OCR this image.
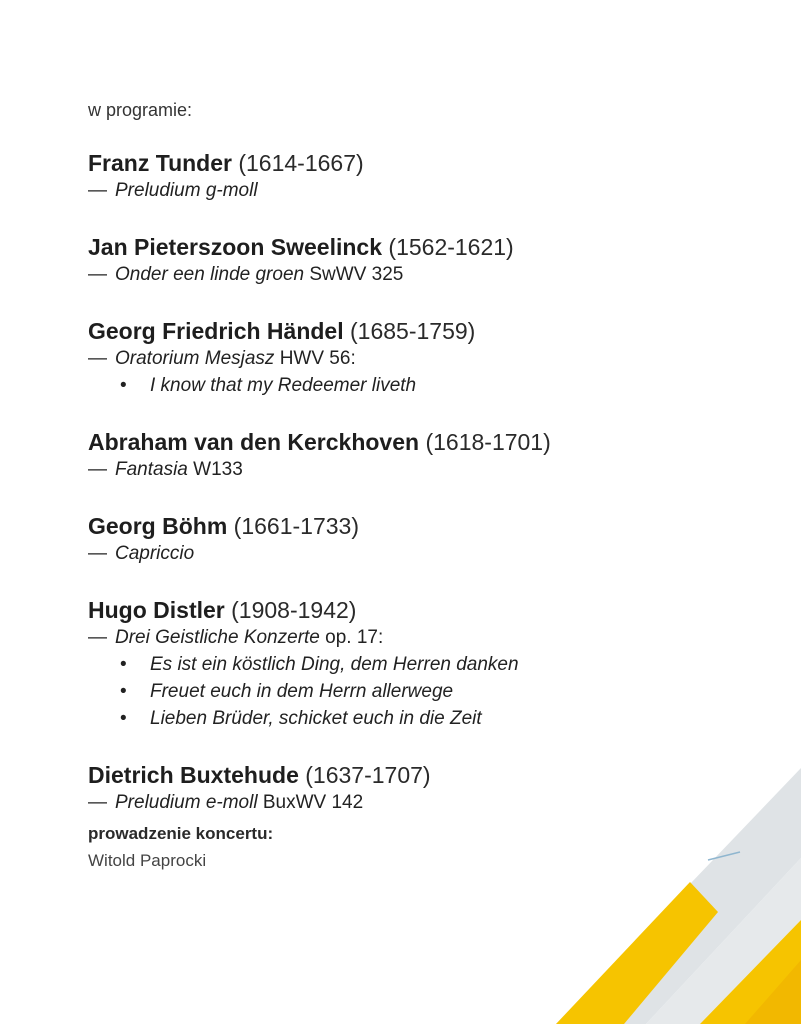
w programie:
Franz Tunder (1614-1667)
— Preludium g-moll
Jan Pieterszoon Sweelinck (1562-1621)
— Onder een linde groen SwWV 325
Georg Friedrich Händel (1685-1759)
— Oratorium Mesjasz HWV 56:
• I know that my Redeemer liveth
Abraham van den Kerckhoven (1618-1701)
— Fantasia W133
Georg Böhm (1661-1733)
— Capriccio
Hugo Distler (1908-1942)
— Drei Geistliche Konzerte op. 17:
• Es ist ein köstlich Ding, dem Herren danken
• Freuet euch in dem Herrn allerwege
• Lieben Brüder, schicket euch in die Zeit
Dietrich Buxtehude (1637-1707)
— Preludium e-moll BuxWV 142
prowadzenie koncertu:
Witold Paprocki
